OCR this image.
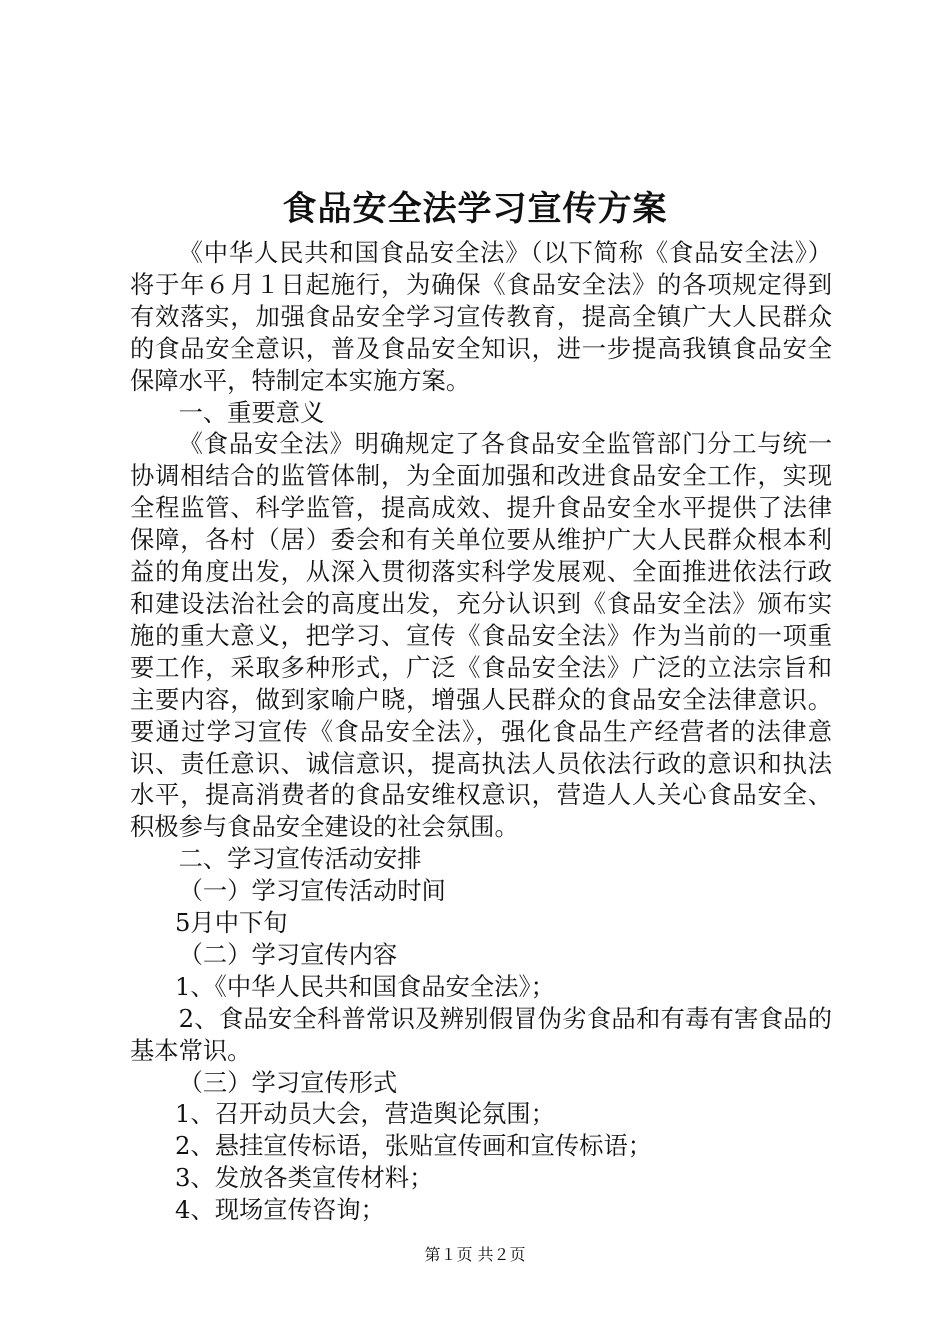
食品安全法学习宣传方案

《中华人民共和国食品安全法》（以下简称《食品安全法》）将于年６月１日起施行，为确保《食品安全法》的各项规定得到有效落实，加强食品安全学习宣传教育，提高全镇广大人民群众的食品安全意识，普及食品安全知识，进一步提高我镇食品安全保障水平，特制定本实施方案。

一、重要意义

《食品安全法》明确规定了各食品安全监管部门分工与统一协调相结合的监管体制，为全面加强和改进食品安全工作，实现全程监管、科学监管，提高成效、提升食品安全水平提供了法律保障，各村（居）委会和有关单位要从维护广大人民群众根本利益的角度出发，从深入贯彻落实科学发展观、全面推进依法行政和建设法治社会的高度出发，充分认识到《食品安全法》颁布实施的重大意义，把学习、宣传《食品安全法》作为当前的一项重要工作，采取多种形式，广泛《食品安全法》广泛的立法宗旨和主要内容，做到家喻户晓，增强人民群众的食品安全法律意识。要通过学习宣传《食品安全法》，强化食品生产经营者的法律意识、责任意识、诚信意识，提高执法人员依法行政的意识和执法水平，提高消费者的食品安维权意识，营造人人关心食品安全、积极参与食品安全建设的社会氛围。

二、学习宣传活动安排

（一）学习宣传活动时间

5月中下旬

（二）学习宣传内容

1、《中华人民共和国食品安全法》；

2、食品安全科普常识及辨别假冒伪劣食品和有毒有害食品的基本常识。

（三）学习宣传形式

1、召开动员大会，营造舆论氛围；

2、悬挂宣传标语，张贴宣传画和宣传标语；

3、发放各类宣传材料；

4、现场宣传咨询；

第１页 共２页
